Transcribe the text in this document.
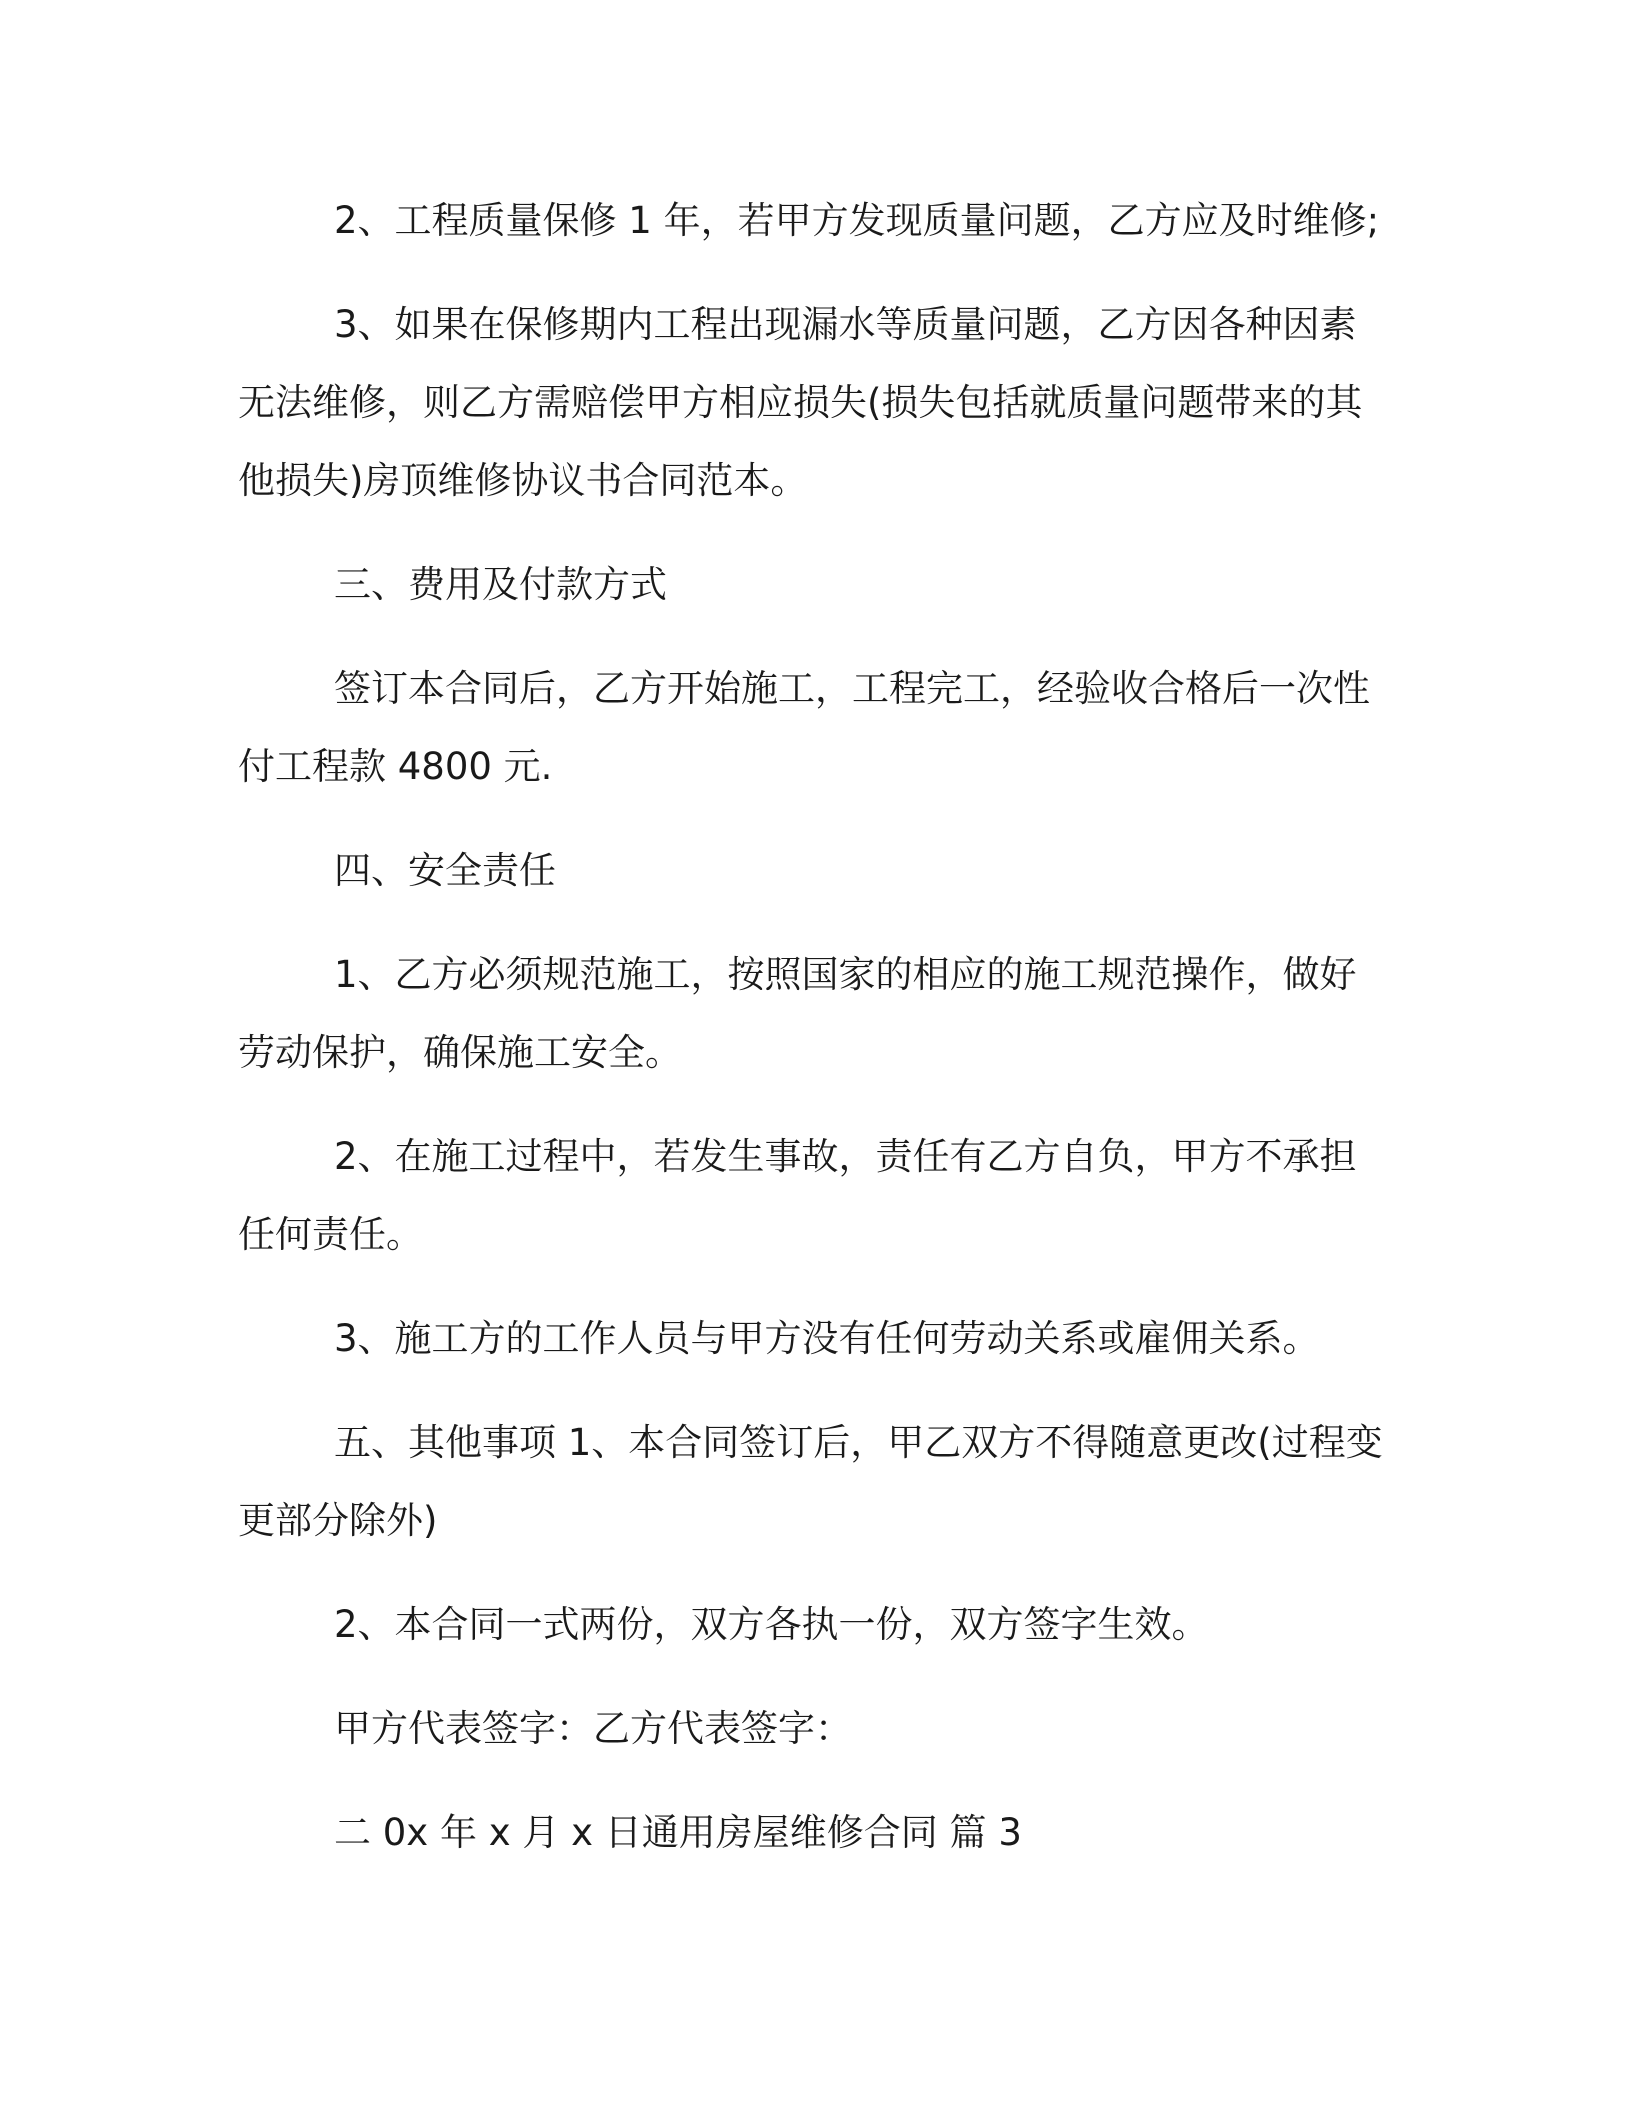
2、工程质量保修 1 年，若甲方发现质量问题，乙方应及时维修;

3、如果在保修期内工程出现漏水等质量问题，乙方因各种因素无法维修，则乙方需赔偿甲方相应损失(损失包括就质量问题带来的其他损失)房顶维修协议书合同范本。

三、费用及付款方式

签订本合同后，乙方开始施工，工程完工，经验收合格后一次性付工程款 4800 元.

四、安全责任

1、乙方必须规范施工，按照国家的相应的施工规范操作，做好劳动保护，确保施工安全。

2、在施工过程中，若发生事故，责任有乙方自负，甲方不承担任何责任。

3、施工方的工作人员与甲方没有任何劳动关系或雇佣关系。

五、其他事项 1、本合同签订后，甲乙双方不得随意更改(过程变更部分除外)

2、本合同一式两份，双方各执一份，双方签字生效。

甲方代表签字：乙方代表签字：

二 0x 年 x 月 x 日通用房屋维修合同 篇 3
